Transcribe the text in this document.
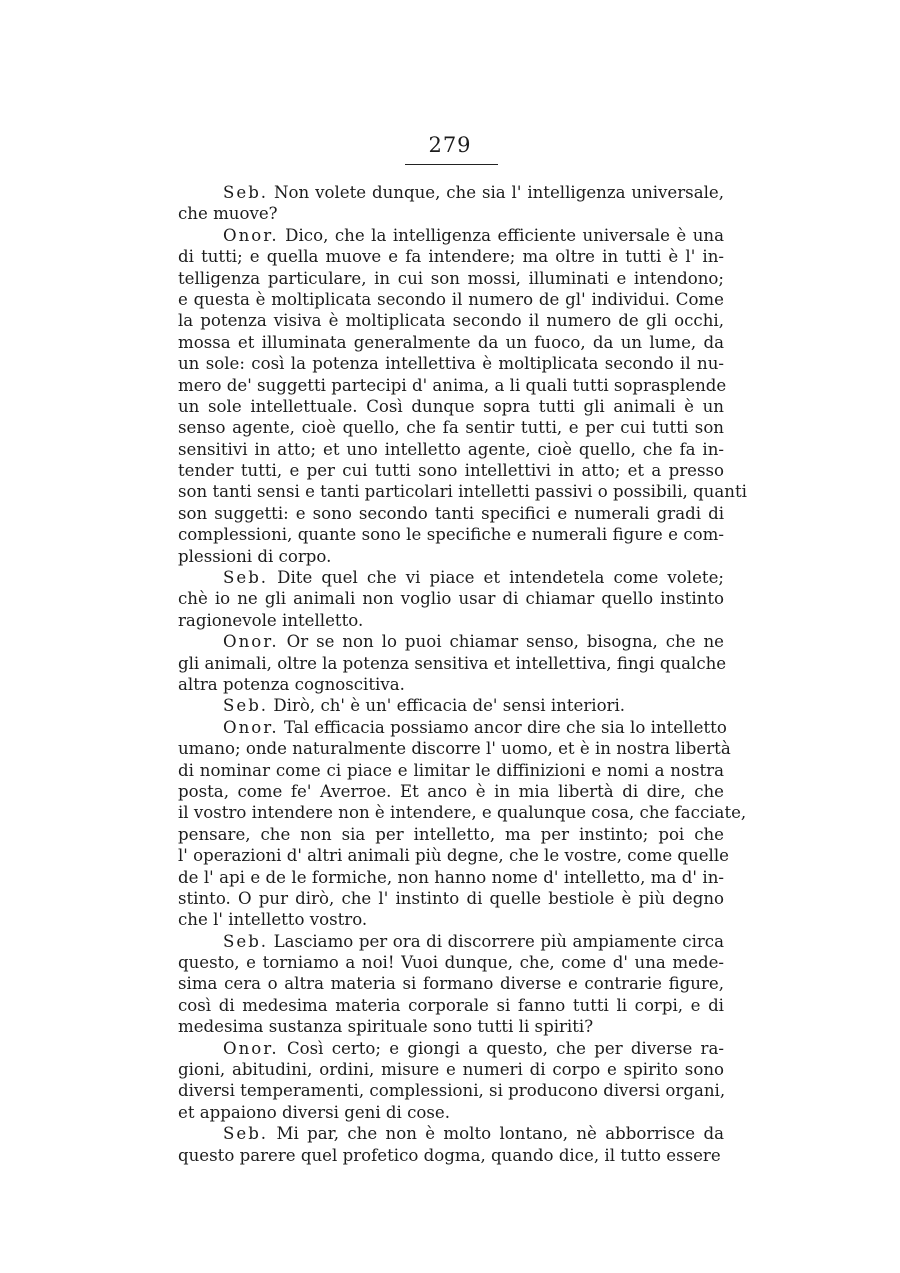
279
Seb. Non volete dunque, che sia l' intelligenza universale,
che muove?
Onor. Dico, che la intelligenza efficiente universale è una
di tutti; e quella muove e fa intendere; ma oltre in tutti è l' in-
telligenza particulare, in cui son mossi, illuminati e intendono;
e questa è moltiplicata secondo il numero de gl' individui. Come
la potenza visiva è moltiplicata secondo il numero de gli occhi,
mossa et illuminata generalmente da un fuoco, da un lume, da
un sole: così la potenza intellettiva è moltiplicata secondo il nu-
mero de' suggetti partecipi d' anima, a li quali tutti soprasplende
un sole intellettuale. Così dunque sopra tutti gli animali è un
senso agente, cioè quello, che fa sentir tutti, e per cui tutti son
sensitivi in atto; et uno intelletto agente, cioè quello, che fa in-
tender tutti, e per cui tutti sono intellettivi in atto; et a presso
son tanti sensi e tanti particolari intelletti passivi o possibili, quanti
son suggetti: e sono secondo tanti specifici e numerali gradi di
complessioni, quante sono le specifiche e numerali figure e com-
plessioni di corpo.
Seb. Dite quel che vi piace et intendetela come volete;
chè io ne gli animali non voglio usar di chiamar quello instinto
ragionevole intelletto.
Onor. Or se non lo puoi chiamar senso, bisogna, che ne
gli animali, oltre la potenza sensitiva et intellettiva, fingi qualche
altra potenza cognoscitiva.
Seb. Dirò, ch' è un' efficacia de' sensi interiori.
Onor. Tal efficacia possiamo ancor dire che sia lo intelletto
umano; onde naturalmente discorre l' uomo, et è in nostra libertà
di nominar come ci piace e limitar le diffinizioni e nomi a nostra
posta, come fe' Averroe. Et anco è in mia libertà di dire, che
il vostro intendere non è intendere, e qualunque cosa, che facciate,
pensare, che non sia per intelletto, ma per instinto; poi che
l' operazioni d' altri animali più degne, che le vostre, come quelle
de l' api e de le formiche, non hanno nome d' intelletto, ma d' in-
stinto. O pur dirò, che l' instinto di quelle bestiole è più degno
che l' intelletto vostro.
Seb. Lasciamo per ora di discorrere più ampiamente circa
questo, e torniamo a noi! Vuoi dunque, che, come d' una mede-
sima cera o altra materia si formano diverse e contrarie figure,
così di medesima materia corporale si fanno tutti li corpi, e di
medesima sustanza spirituale sono tutti li spiriti?
Onor. Così certo; e giongi a questo, che per diverse ra-
gioni, abitudini, ordini, misure e numeri di corpo e spirito sono
diversi temperamenti, complessioni, si producono diversi organi,
et appaiono diversi geni di cose.
Seb. Mi par, che non è molto lontano, nè abborrisce da
questo parere quel profetico dogma, quando dice, il tutto essere
